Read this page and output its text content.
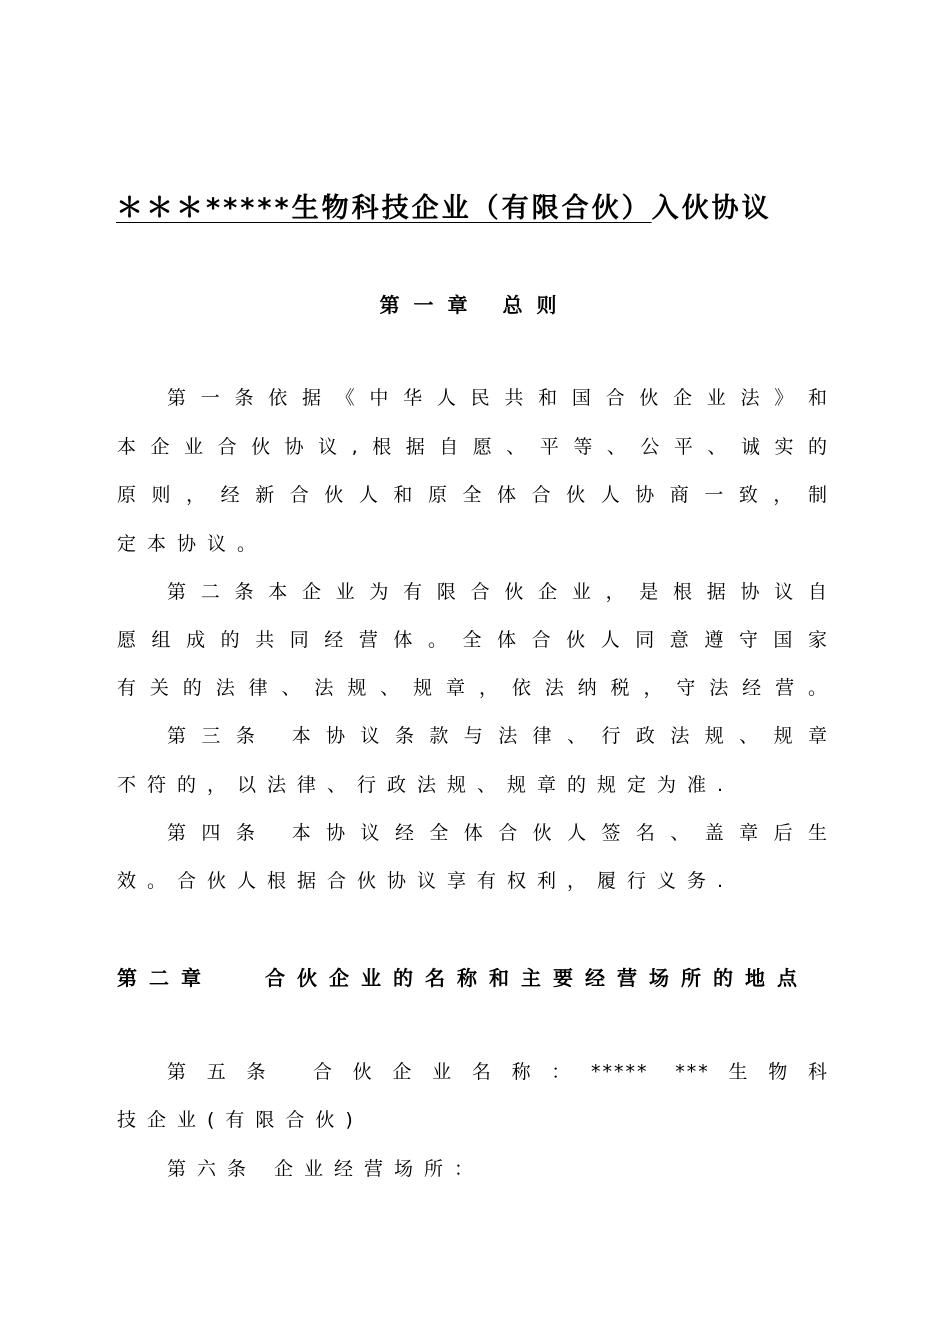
＊＊＊*****生物科技企业（有限合伙）入伙协议
第一章 总则
第一条依据《中华人民共和国合伙企业法》和
本企业合伙协议,根据自愿、平等、公平、诚实的
原则，经新合伙人和原全体合伙人协商一致，制
定本协议。
第二条本企业为有限合伙企业，是根据协议自
愿组成的共同经营体。全体合伙人同意遵守国家
有关的法律、法规、规章，依法纳税，守法经营。
第三条 本协议条款与法律、行政法规、规章
不符的，以法律、行政法规、规章的规定为准.
第四条 本协议经全体合伙人签名、盖章后生
效。合伙人根据合伙协议享有权利，履行义务.
第二章	合伙企业的名称和主要经营场所的地点
第五条 合伙企业名称：***** ***生物科
技企业(有限合伙)
第六条 企业经营场所：
